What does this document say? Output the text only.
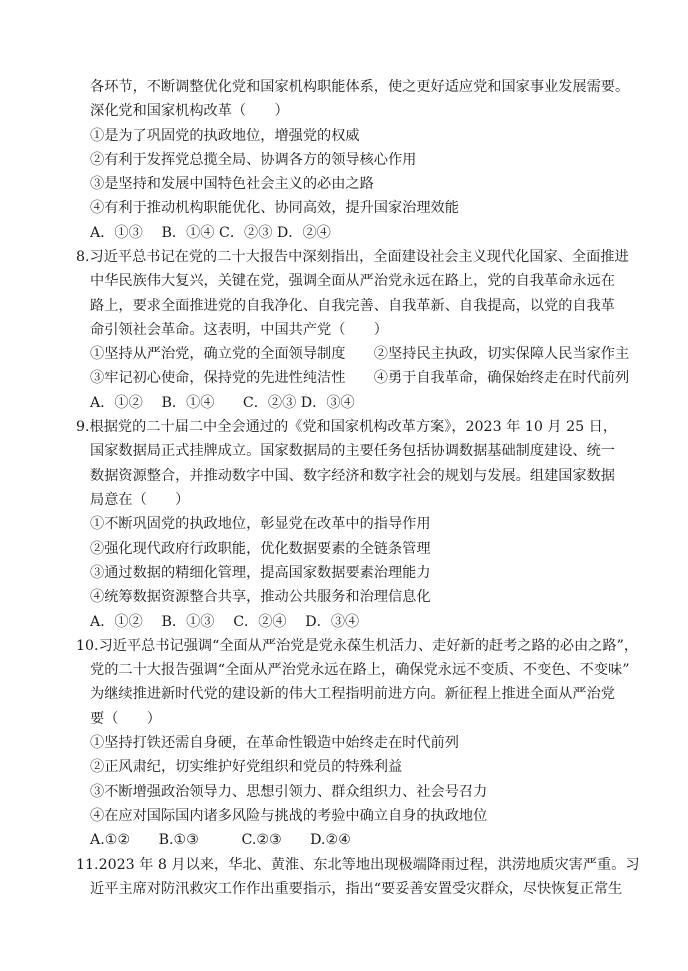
各环节，不断调整优化党和国家机构职能体系，使之更好适应党和国家事业发展需要。
深化党和国家机构改革（　　）
①是为了巩固党的执政地位，增强党的权威
②有利于发挥党总揽全局、协调各方的领导核心作用
③是坚持和发展中国特色社会主义的必由之路
④有利于推动机构职能优化、协同高效，提升国家治理效能
A．①③　 B．①④ C．②③ D．②④
8.习近平总书记在党的二十大报告中深刻指出，全面建设社会主义现代化国家、全面推进
中华民族伟大复兴，关键在党，强调全面从严治党永远在路上，党的自我革命永远在
路上，要求全面推进党的自我净化、自我完善、自我革新、自我提高，以党的自我革
命引领社会革命。这表明，中国共产党（　　）
①坚持从严治党，确立党的全面领导制度　　②坚持民主执政，切实保障人民当家作主
③牢记初心使命，保持党的先进性纯洁性　　④勇于自我革命，确保始终走在时代前列
A．①②　 B．①④　　C．②③ D．③④
9.根据党的二十届二中全会通过的《党和国家机构改革方案》，2023 年 10 月 25 日，
国家数据局正式挂牌成立。国家数据局的主要任务包括协调数据基础制度建设、统一
数据资源整合，并推动数字中国、数字经济和数字社会的规划与发展。组建国家数据
局意在（　　）
①不断巩固党的执政地位，彰显党在改革中的指导作用
②强化现代政府行政职能，优化数据要素的全链条管理
③通过数据的精细化管理，提高国家数据要素治理能力
④统筹数据资源整合共享，推动公共服务和治理信息化
A．①②　 B．①③　 C．②④　 D．③④
10.习近平总书记强调“全面从严治党是党永葆生机活力、走好新的赶考之路的必由之路”，
党的二十大报告强调“全面从严治党永远在路上，确保党永远不变质、不变色、不变味”
为继续推进新时代党的建设新的伟大工程指明前进方向。新征程上推进全面从严治党
要（　　）
①坚持打铁还需自身硬，在革命性锻造中始终走在时代前列
②正风肃纪，切实维护好党组织和党员的特殊利益
③不断增强政治领导力、思想引领力、群众组织力、社会号召力
④在应对国际国内诸多风险与挑战的考验中确立自身的执政地位
A.①②　　B.①③　　　C.②③　　D.②④
11.2023 年 8 月以来，华北、黄淮、东北等地出现极端降雨过程，洪涝地质灾害严重。习
近平主席对防汛救灾工作作出重要指示，指出“要妥善安置受灾群众，尽快恢复正常生
